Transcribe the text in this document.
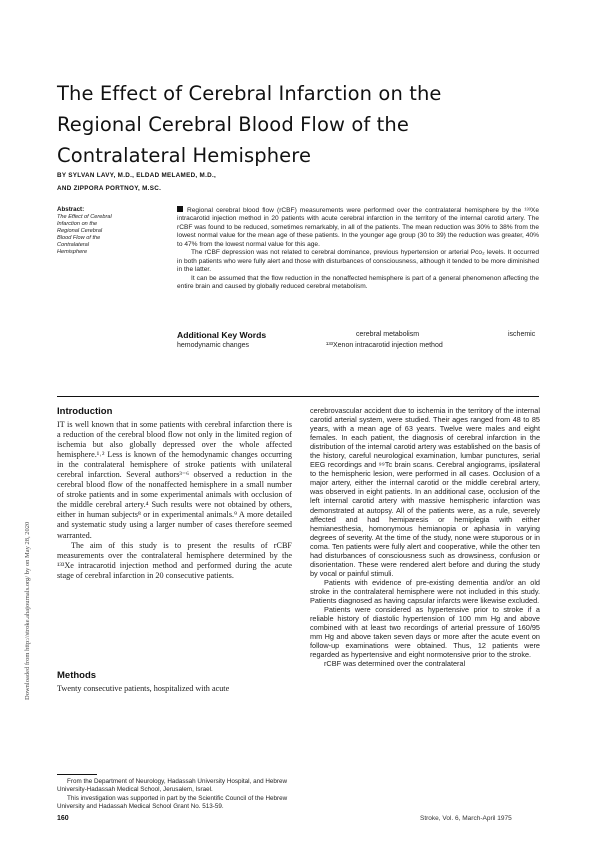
The Effect of Cerebral Infarction on the
Regional Cerebral Blood Flow of the
Contralateral Hemisphere
BY SYLVAN LAVY, M.D., ELDAD MELAMED, M.D.,
AND ZIPPORA PORTNOY, M.SC.
Abstract:
The Effect of Cerebral Infarction on the Regional Cerebral Blood Flow of the Contralateral Hemisphere

Regional cerebral blood flow (rCBF) measurements were performed over the contralateral hemisphere by the ¹³³Xe intracarotid injection method in 20 patients with acute cerebral infarction in the territory of the internal carotid artery. The rCBF was found to be reduced, sometimes remarkably, in all of the patients. The mean reduction was 30% to 38% from the lowest normal value for the mean age of these patients. In the younger age group (30 to 39) the reduction was greater, 40% to 47% from the lowest normal value for this age.

The rCBF depression was not related to cerebral dominance, previous hypertension or arterial Pco₂ levels. It occurred in both patients who were fully alert and those with disturbances of consciousness, although it tended to be more diminished in the latter.

It can be assumed that the flow reduction in the nonaffected hemisphere is part of a general phenomenon affecting the entire brain and caused by globally reduced cerebral metabolism.

Additional Key Words	cerebral metabolism	ischemic
hemodynamic changes	¹³³Xenon intracarotid injection method
Introduction

IT is well known that in some patients with cerebral infarction there is a reduction of the cerebral blood flow not only in the limited region of ischemia but also globally depressed over the whole affected hemisphere.¹˒² Less is known of the hemodynamic changes occurring in the contralateral hemisphere of stroke patients with unilateral cerebral infarction. Several authors³⁻⁶ observed a reduction in the cerebral blood flow of the nonaffected hemisphere in a small number of stroke patients and in some experimental animals with occlusion of the middle cerebral artery.⁴ Such results were not obtained by others, either in human subjects⁸ or in experimental animals.⁹ A more detailed and systematic study using a larger number of cases therefore seemed warranted.

The aim of this study is to present the results of rCBF measurements over the contralateral hemisphere determined by the ¹³³Xe intracarotid injection method and performed during the acute stage of cerebral infarction in 20 consecutive patients.

Methods
Twenty consecutive patients, hospitalized with acute

From the Department of Neurology, Hadassah University Hospital, and Hebrew University-Hadassah Medical School, Jerusalem, Israel.

This investigation was supported in part by the Scientific Council of the Hebrew University and Hadassah Medical School Grant No. 513-59.

cerebrovascular accident due to ischemia in the territory of the internal carotid arterial system, were studied. Their ages ranged from 48 to 85 years, with a mean age of 63 years. Twelve were males and eight females. In each patient, the diagnosis of cerebral infarction in the distribution of the internal carotid artery was established on the basis of the history, careful neurological examination, lumbar punctures, serial EEG recordings and ⁹⁹Tc brain scans. Cerebral angiograms, ipsilateral to the hemispheric lesion, were performed in all cases. Occlusion of a major artery, either the internal carotid or the middle cerebral artery, was observed in eight patients. In an additional case, occlusion of the left internal carotid artery with massive hemispheric infarction was demonstrated at autopsy. All of the patients were, as a rule, severely affected and had hemiparesis or hemiplegia with either hemianesthesia, homonymous hemianopia or aphasia in varying degrees of severity. At the time of the study, none were stuporous or in coma. Ten patients were fully alert and cooperative, while the other ten had disturbances of consciousness such as drowsiness, confusion or disorientation. These were rendered alert before and during the study by vocal or painful stimuli.

Patients with evidence of pre-existing dementia and/or an old stroke in the contralateral hemisphere were not included in this study. Patients diagnosed as having capsular infarcts were likewise excluded.

Patients were considered as hypertensive prior to stroke if a reliable history of diastolic hypertension of 100 mm Hg and above combined with at least two recordings of arterial pressure of 160/95 mm Hg and above taken seven days or more after the acute event on follow-up examinations were obtained. Thus, 12 patients were regarded as hypertensive and eight normotensive prior to the stroke.

rCBF was determined over the contralateral

Downloaded from http://stroke.ahajournals.org/ by on May 28, 2020
160	Stroke, Vol. 6, March-April 1975
